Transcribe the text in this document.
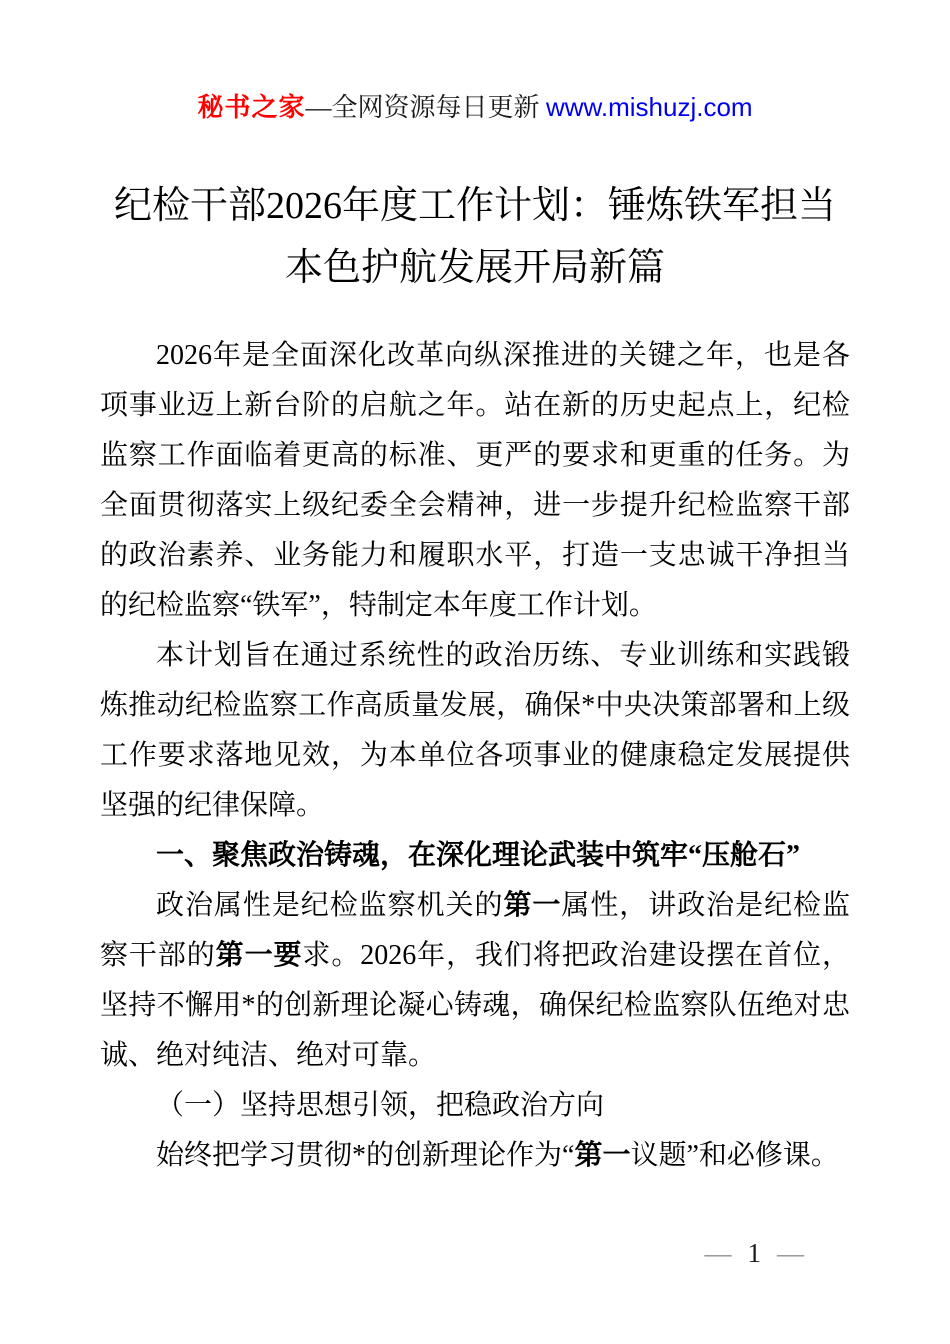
秘书之家—全网资源每日更新 www.mishuzj.com
纪检干部2026年度工作计划：锤炼铁军担当
本色护航发展开局新篇

2026年是全面深化改革向纵深推进的关键之年，也是各项事业迈上新台阶的启航之年。站在新的历史起点上，纪检监察工作面临着更高的标准、更严的要求和更重的任务。为全面贯彻落实上级纪委全会精神，进一步提升纪检监察干部的政治素养、业务能力和履职水平，打造一支忠诚干净担当的纪检监察“铁军”，特制定本年度工作计划。

本计划旨在通过系统性的政治历练、专业训练和实践锻炼推动纪检监察工作高质量发展，确保*中央决策部署和上级工作要求落地见效，为本单位各项事业的健康稳定发展提供坚强的纪律保障。

一、聚焦政治铸魂，在深化理论武装中筑牢“压舱石”

政治属性是纪检监察机关的第一属性，讲政治是纪检监察干部的第一要求。2026年，我们将把政治建设摆在首位，坚持不懈用*的创新理论凝心铸魂，确保纪检监察队伍绝对忠诚、绝对纯洁、绝对可靠。

（一）坚持思想引领，把稳政治方向

始终把学习贯彻*的创新理论作为“第一议题”和必修课。

— 1 —
